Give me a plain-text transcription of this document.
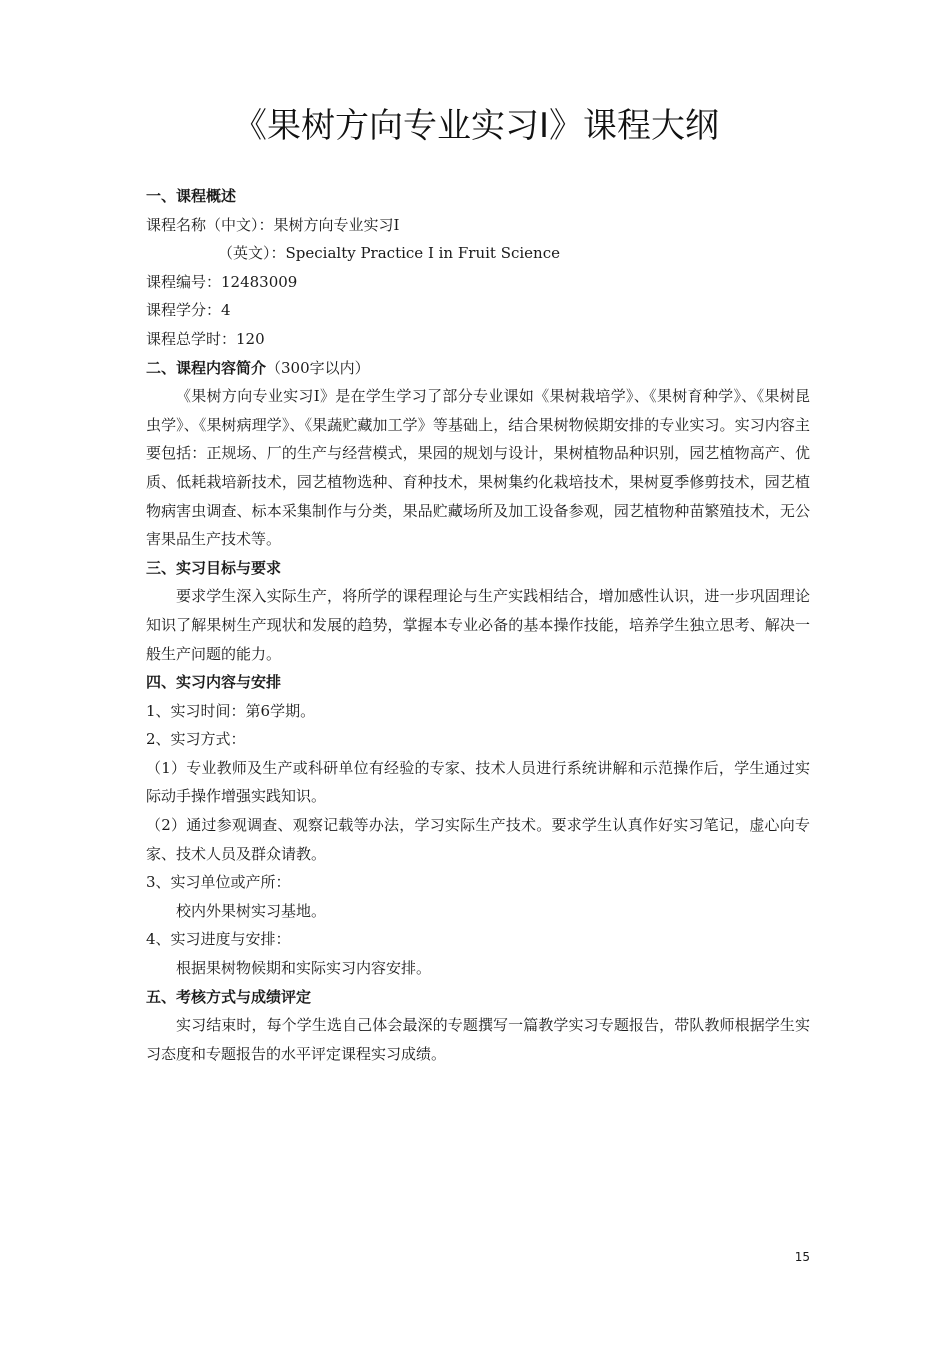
《果树方向专业实习Ⅰ》课程大纲
一、课程概述
课程名称（中文）：果树方向专业实习Ⅰ
（英文）：Specialty Practice Ⅰ in Fruit Science
课程编号：12483009
课程学分：4
课程总学时：120
二、课程内容简介（300字以内）
《果树方向专业实习Ⅰ》是在学生学习了部分专业课如《果树栽培学》、《果树育种学》、《果树昆虫学》、《果树病理学》、《果蔬贮藏加工学》等基础上，结合果树物候期安排的专业实习。实习内容主要包括：正规场、厂的生产与经营模式，果园的规划与设计，果树植物品种识别，园艺植物高产、优质、低耗栽培新技术，园艺植物选种、育种技术，果树集约化栽培技术，果树夏季修剪技术，园艺植物病害虫调查、标本采集制作与分类，果品贮藏场所及加工设备参观，园艺植物种苗繁殖技术，无公害果品生产技术等。
三、实习目标与要求
要求学生深入实际生产，将所学的课程理论与生产实践相结合，增加感性认识，进一步巩固理论知识了解果树生产现状和发展的趋势，掌握本专业必备的基本操作技能，培养学生独立思考、解决一般生产问题的能力。
四、实习内容与安排
1、实习时间：第6学期。
2、实习方式：
（1）专业教师及生产或科研单位有经验的专家、技术人员进行系统讲解和示范操作后，学生通过实际动手操作增强实践知识。
（2）通过参观调查、观察记载等办法，学习实际生产技术。要求学生认真作好实习笔记，虚心向专家、技术人员及群众请教。
3、实习单位或产所：
校内外果树实习基地。
4、实习进度与安排：
根据果树物候期和实际实习内容安排。
五、考核方式与成绩评定
实习结束时，每个学生选自己体会最深的专题撰写一篇教学实习专题报告，带队教师根据学生实习态度和专题报告的水平评定课程实习成绩。
15
